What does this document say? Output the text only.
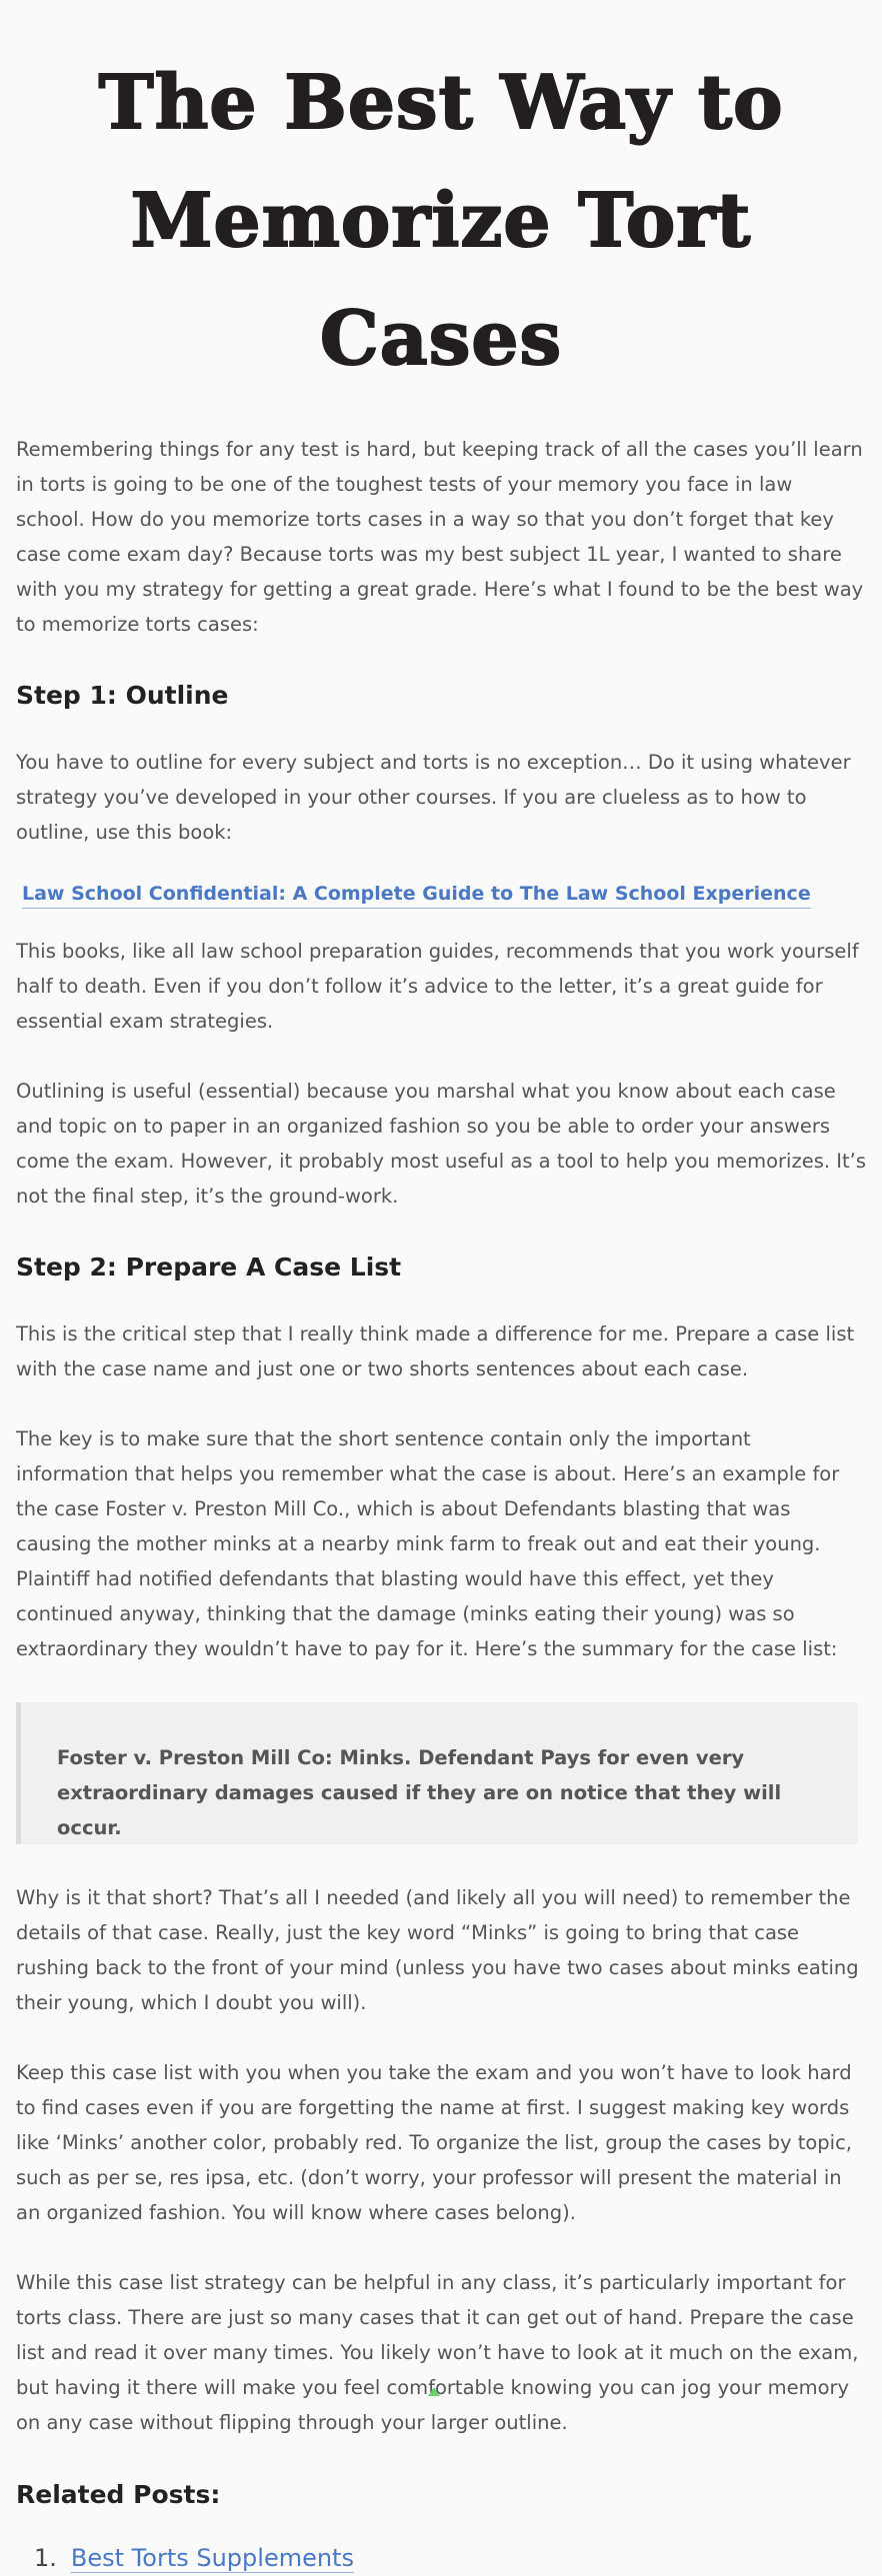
The Best Way to
Memorize Tort Cases

Remembering things for any test is hard, but keeping track of all the cases you’ll learn in torts is going to be one of the toughest tests of your memory you face in law school. How do you memorize torts cases in a way so that you don’t forget that key case come exam day? Because torts was my best subject 1L year, I wanted to share with you my strategy for getting a great grade. Here’s what I found to be the best way to memorize torts cases:

Step 1: Outline

You have to outline for every subject and torts is no exception… Do it using whatever strategy you’ve developed in your other courses. If you are clueless as to how to outline, use this book:

Law School Confidential: A Complete Guide to The Law School Experience

This books, like all law school preparation guides, recommends that you work yourself half to death. Even if you don’t follow it’s advice to the letter, it’s a great guide for essential exam strategies.

Outlining is useful (essential) because you marshal what you know about each case and topic on to paper in an organized fashion so you be able to order your answers come the exam. However, it probably most useful as a tool to help you memorizes. It’s not the final step, it’s the ground-work.

Step 2: Prepare A Case List

This is the critical step that I really think made a difference for me. Prepare a case list with the case name and just one or two shorts sentences about each case.

The key is to make sure that the short sentence contain only the important information that helps you remember what the case is about. Here’s an example for the case Foster v. Preston Mill Co., which is about Defendants blasting that was causing the mother minks at a nearby mink farm to freak out and eat their young. Plaintiff had notified defendants that blasting would have this effect, yet they continued anyway, thinking that the damage (minks eating their young) was so extraordinary they wouldn’t have to pay for it. Here’s the summary for the case list:

Foster v. Preston Mill Co: Minks. Defendant Pays for even very extraordinary damages caused if they are on notice that they will occur.

Why is it that short? That’s all I needed (and likely all you will need) to remember the details of that case. Really, just the key word “Minks” is going to bring that case rushing back to the front of your mind (unless you have two cases about minks eating their young, which I doubt you will).

Keep this case list with you when you take the exam and you won’t have to look hard to find cases even if you are forgetting the name at first. I suggest making key words like ‘Minks’ another color, probably red. To organize the list, group the cases by topic, such as per se, res ipsa, etc. (don’t worry, your professor will present the material in an organized fashion. You will know where cases belong).

While this case list strategy can be helpful in any class, it’s particularly important for torts class. There are just so many cases that it can get out of hand. Prepare the case list and read it over many times. You likely won’t have to look at it much on the exam, but having it there will make you feel comfortable knowing you can jog your memory on any case without flipping through your larger outline.

Related Posts:
1. Best Torts Supplements
